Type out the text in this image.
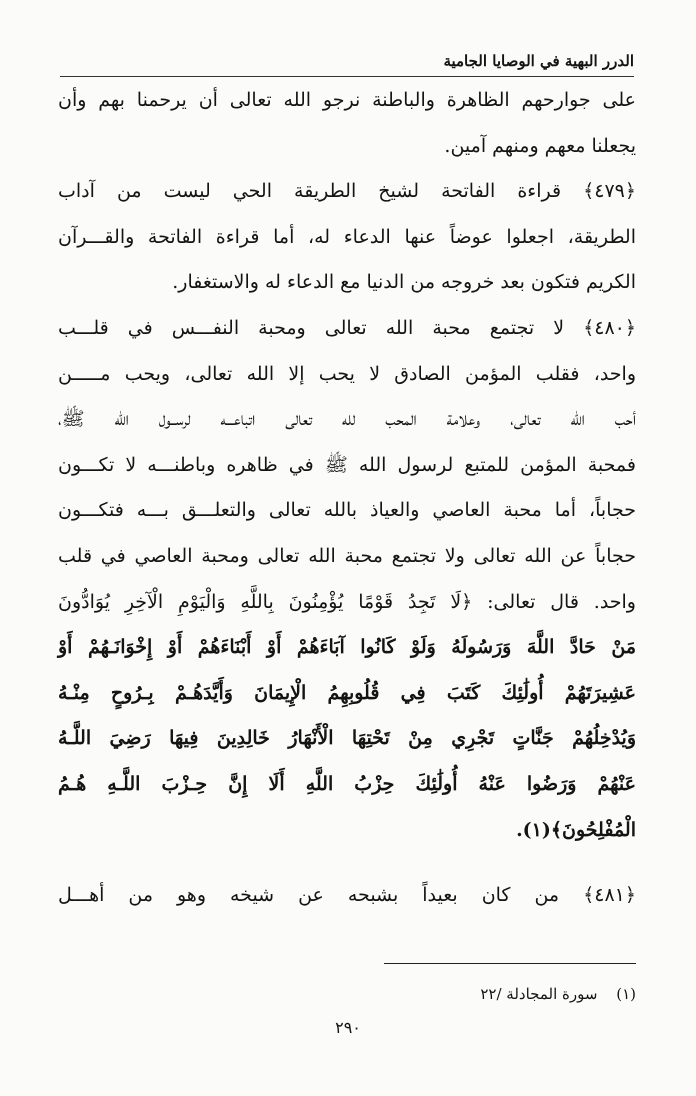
الدرر البهية في الوصايا الجامية
على جوارحهم الظاهرة والباطنة نرجو الله تعالى أن يرحمنا بهم وأن
يجعلنا معهم ومنهم آمين.
﴿٤٧٩﴾ قراءة الفاتحة لشيخ الطريقة الحي ليست من آداب
الطريقة، اجعلوا عوضاً عنها الدعاء له، أما قراءة الفاتحة والقـــرآن
الكريم فتكون بعد خروجه من الدنيا مع الدعاء له والاستغفار.
﴿٤٨٠﴾ لا تجتمع محبة الله تعالى ومحبة النفـــس في قلـــب
واحد، فقلب المؤمن الصادق لا يحب إلا الله تعالى، ويحب مـــــن
أحب الله تعالى، وعلامة المحب لله تعالى اتباعـــه لرســول الله ﷺ،
فمحبة المؤمن للمتبع لرسول الله ﷺ في ظاهره وباطنـــه لا تكـــون
حجاباً، أما محبة العاصي والعياذ بالله تعالى والتعلـــق بـــه فتكـــون
حجاباً عن الله تعالى ولا تجتمع محبة الله تعالى ومحبة العاصي في قلب
واحد. قال تعالى: ﴿لَا تَجِدُ قَوْمًا يُؤْمِنُونَ بِاللَّهِ وَالْيَوْمِ الْآخِرِ يُوَادُّونَ
مَنْ حَادَّ اللَّهَ وَرَسُولَهُ وَلَوْ كَانُوا آبَاءَهُمْ أَوْ أَبْنَاءَهُمْ أَوْ إِخْوَانَـهُمْ أَوْ
عَشِيرَتَهُمْ أُولَٰئِكَ كَتَبَ فِي قُلُوبِهِمُ الْإِيمَانَ وَأَيَّدَهُـمْ بِـرُوحٍ مِنْـهُ
وَيُدْخِلُهُمْ جَنَّاتٍ تَجْرِي مِنْ تَحْتِهَا الْأَنْهَارُ خَالِدِينَ فِيهَا رَضِيَ اللَّـهُ
عَنْهُمْ وَرَضُوا عَنْهُ أُولَٰئِكَ حِزْبُ اللَّهِ أَلَا إِنَّ حِـزْبَ اللَّـهِ هُـمُ
الْمُفْلِحُونَ﴾(١).
﴿٤٨١﴾ من كان بعيداً بشبحه عن شيخه وهو من أهـــل
(١) سورة المجادلة /٢٢
٢٩٠
